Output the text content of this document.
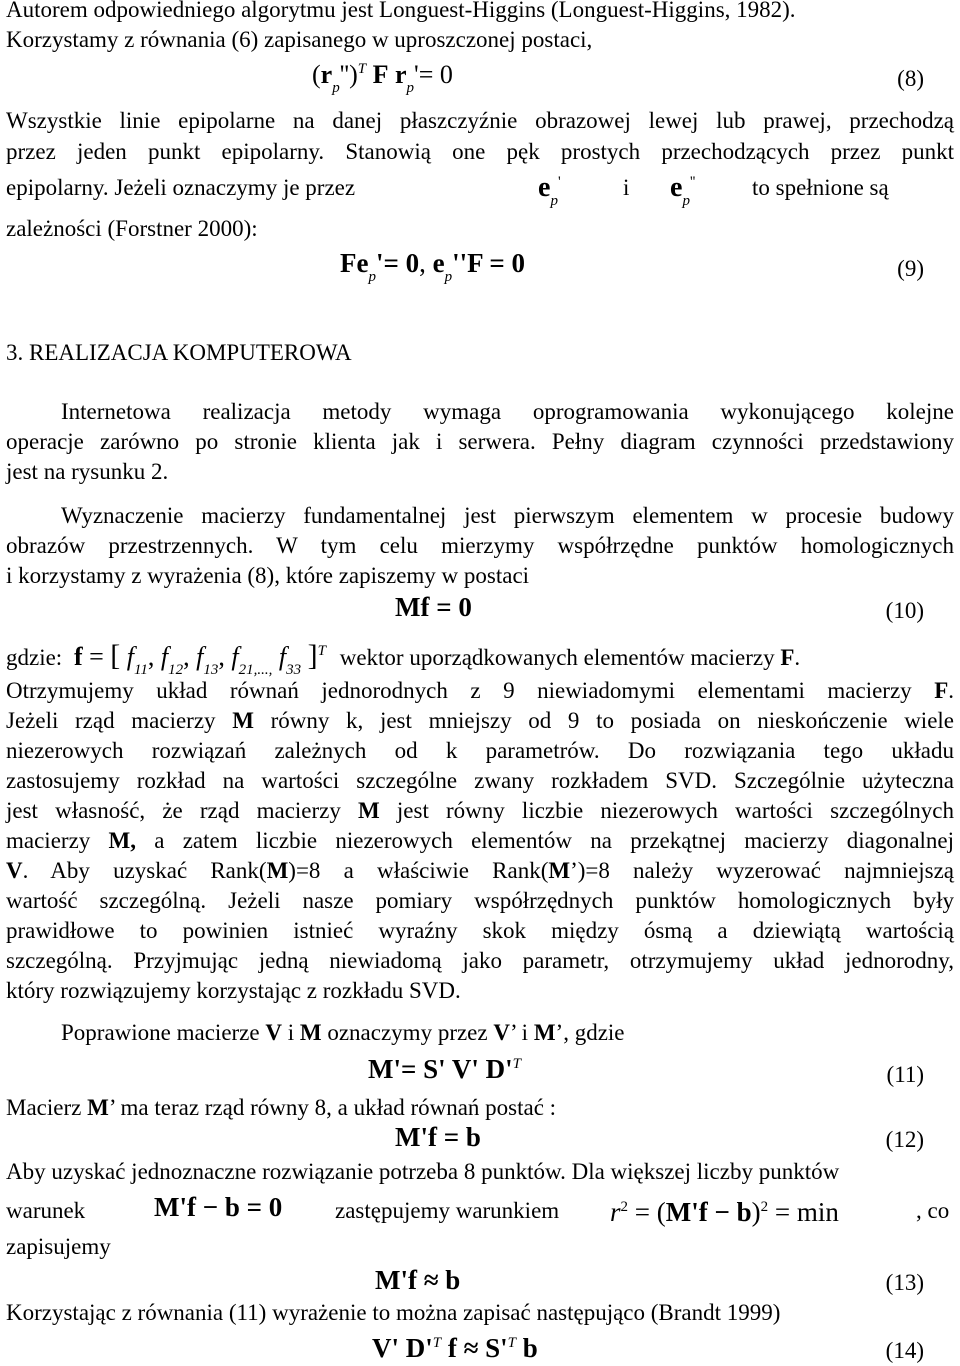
Autorem odpowiedniego algorytmu jest Longuest-Higgins (Longuest-Higgins, 1982).
Korzystamy z równania (6) zapisanego w uproszczonej postaci,
$(r_p'')^T$ F $r_p'= 0$	(8)
Wszystkie linie epipolarne na danej płaszczyźnie obrazowej lewej lub prawej, przechodzą
przez jeden punkt epipolarny. Stanowią one pęk prostych przechodzących przez punkt
epipolarny. Jeżeli oznaczymy je przez	$e_p'$	i $e_p''$ to spełnione są
zależności (Forstner 2000):
$Fe_p'= 0$, $e_p''F = 0$	(9)
3. REALIZACJA KOMPUTEROWA
Internetowa realizacja metody wymaga oprogramowania wykonującego kolejne
operacje zarówno po stronie klienta jak i serwera. Pełny diagram czynności przedstawiony
jest na rysunku 2.
Wyznaczenie macierzy fundamentalnej jest pierwszym elementem w procesie budowy
obrazów przestrzennych. W tym celu mierzymy współrzędne punktów homologicznych
i korzystamy z wyrażenia (8), które zapiszemy w postaci
Mf = 0	(10)
gdzie: f = [ $f_{11}$, $f_{12}$, $f_{13}$, $f_{21,...,}$ $f_{33}$ ]$^T$ wektor uporządkowanych elementów macierzy F.
Otrzymujemy układ równań jednorodnych z 9 niewiadomymi elementami macierzy F.
Jeżeli rząd macierzy M równy k, jest mniejszy od 9 to posiada on nieskończenie wiele
niezerowych rozwiązań zależnych od k parametrów. Do rozwiązania tego układu
zastosujemy rozkład na wartości szczególne zwany rozkładem SVD. Szczególnie użyteczna
jest własność, że rząd macierzy M jest równy liczbie niezerowych wartości szczególnych
macierzy M, a zatem liczbie niezerowych elementów na przekątnej macierzy diagonalnej
V. Aby uzyskać Rank(M)=8 a właściwie Rank(M’)=8 należy wyzerować najmniejszą
wartość szczególną. Jeżeli nasze pomiary współrzędnych punktów homologicznych były
prawidłowe to powinien istnieć wyraźny skok między ósmą a dziewiątą wartością
szczególną. Przyjmując jedną niewiadomą jako parametr, otrzymujemy układ jednorodny,
który rozwiązujemy korzystając z rozkładu SVD.
Poprawione macierze V i M oznaczymy przez V’ i M’, gdzie
M'= S' V' $D'^T$	(11)
Macierz M’ ma teraz rząd równy 8, a układ równań postać :
M'f = b	(12)
Aby uzyskać jednoznaczne rozwiązanie potrzeba 8 punktów. Dla większej liczby punktów
warunek	M'f − b = 0 zastępujemy warunkiem $r^2 = (M'f - b)^2 = \min$	, co
zapisujemy
M'f ≈ b	(13)
Korzystając z równania (11) wyrażenie to można zapisać następująco (Brandt 1999)
V' $D'^T$ $f \approx S'^T$ b	(14)
